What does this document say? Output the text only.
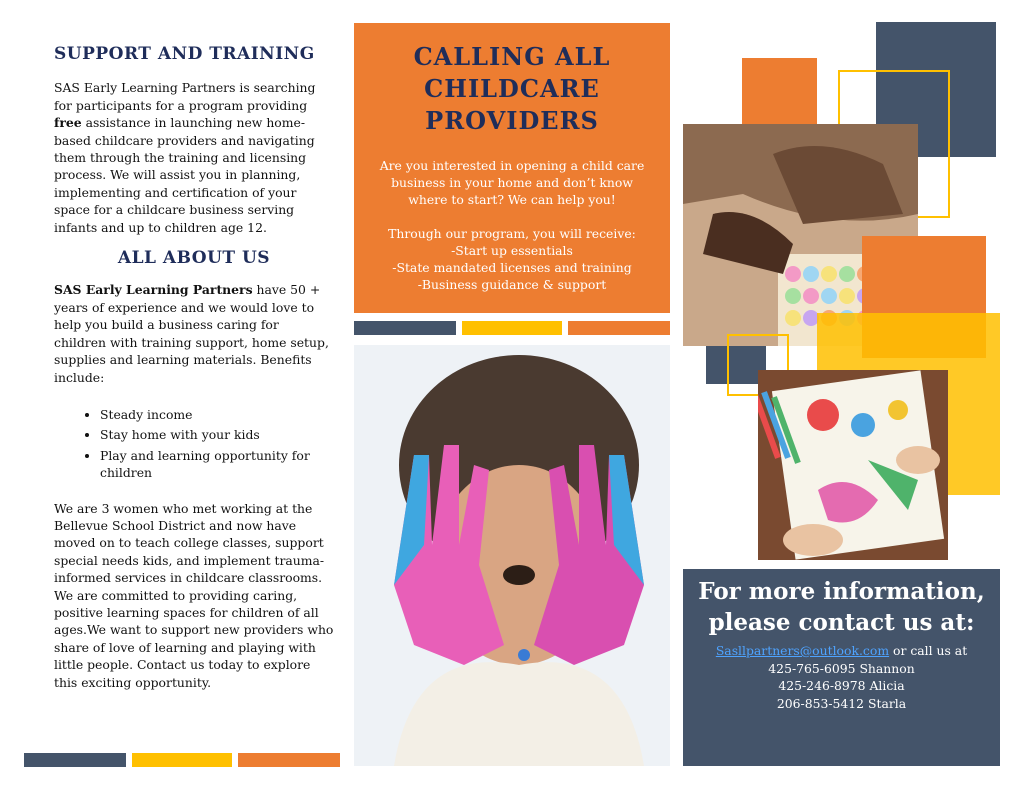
SUPPORT AND TRAINING

SAS Early Learning Partners is searching for participants for a program providing free assistance in launching new home-based childcare providers and navigating them through the training and licensing process. We will assist you in planning, implementing and certification of your space for a childcare business serving infants and up to children age 12.

ALL ABOUT US

SAS Early Learning Partners have 50 + years of experience and we would love to help you build a business caring for children with training support, home setup, supplies and learning materials. Benefits include:

• Steady income
• Stay home with your kids
• Play and learning opportunity for children

We are 3 women who met working at the Bellevue School District and now have moved on to teach college classes, support special needs kids, and implement trauma-informed services in childcare classrooms. We are committed to providing caring, positive learning spaces for children of all ages.We want to support new providers who share of love of learning and playing with little people. Contact us today to explore this exciting opportunity.

CALLING ALL CHILDCARE PROVIDERS
Are you interested in opening a child care business in your home and don’t know where to start? We can help you!
Through our program, you will receive:
-Start up essentials
-State mandated licenses and training
-Business guidance & support
For more information, please contact us at:
Sasllpartners@outlook.com or call us at
425-765-6095 Shannon
425-246-8978 Alicia
206-853-5412 Starla
